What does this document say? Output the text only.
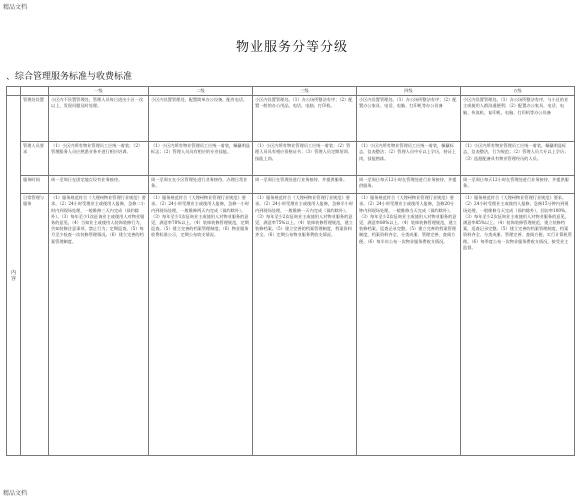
精品文档
物业服务分等分级
、综合管理服务标准与收费标准
		一级	二级	三级	四级	五级
内容	管理处设置	小区内不设置管理处，管理人员每日进出小区一次以上，发现问题及时处理。	小区内设置管理处，配置简单办公设备，配有电话。	小区内设置管理处。（1）办公场所整洁有序；（2）配置一般的办公用品，电话，电脑，打印机。	小区内设置管理处。（1）办公场所整洁有序；（2）配置办公家具、电话、电脑、打印机等办公设备	小区内设置管理处。（1）办公场所整洁有序，与小区的业主或使用人群沟通便利；（2）配置办公家具、电话、电脑、传真机、复印机、电脑、打印机等办公设备
	管理人员要求	（1）小区内所有物业管理员工应统一着装；（2）管理服务人员应熟悉业务并进行相应培训。	（1）小区内所有物业管理员工应统一着装，佩戴明显标志；（2）管理人员具有相应的专业技能。	（1）小区内所有物业管理员工应统一着装；（2）管理人员具有相应资格证书；（3）管理人员定期培训，技能上岗。	（1）小区内所有物业管理员工应统一着装，佩戴标志，仪表整洁；（2）管理人员中专以上学历，持证上岗，技能熟练。	（1）小区内所有物业管理员工应统一着装，佩戴明显标志，仪表整洁，行为规范；（2）管理人员大专以上学历；（3）选派配备具有物业管理经历的人员。
	服务时间	周一至周日在固定地点设有业务接待。	周一至周五在小区管理处进行业务接待，办理日常业务。	周一至周日在管理处进行业务接待，并提供服务。	周一至周日每天12小时在管理处进行业务接待，并提供服务。	周一至周日每天12小时在管理处进行业务接待，并提供服务。
	日常管理与服务	（1）服务规范符合《大理州物业管理行业规范》要求。（2）24小时受理业主或使用人报修，急修二小时内到现场处理，一般维修三天内完成（预约除外）。（3）每年至少1次征询业主或使用人对物业服务的意见。（4）当知业主或使用人装饰装修行为，告知装修注意事项，禁止行为；定期巡查。（5）每月至少检查一次装修管理情况。（6）建立完善的档案管理制度。	（1）服务规范符合《大理州物业管理行业规范》要求。（2）24小时受理业主或使用人报修，急修一小时内到现场处理，一般维修两天内完成（预约除外）。（3）每年至少1次征询业主或使用人对物业服务的意见，满意率70%以上。（4）装饰装修管理规范，定期巡查。（5）建立完善的档案管理制度。（6）物业服务收费标准公示，定期公布收支情况。	（1）服务规范符合《大理州物业管理行业规范》要求。（2）24小时受理业主或使用人报修，急修半小时内到现场处理，一般维修一天内完成（预约除外）。（3）每年至少2次征询业主或使用人对物业服务的意见，满意率75%以上。（4）装饰装修管理规范，建立装修档案。（5）建立完善的档案管理制度，档案资料齐全。（6）定期公布物业服务费收支情况。	（1）服务规范符合《大理州物业管理行业规范》要求。（2）24小时受理业主或使用人报修，急修20分钟内到现场处理，一般维修当天完成（预约除外）。（3）每年至少2次征询业主或使用人对物业服务的意见，满意率80%以上。（4）装饰装修管理规范，建立装修档案，巡查记录完整。（5）建立完善的档案管理制度，档案资料齐全、分类成册、管理完善、查阅方便。（6）每半年公布一次物业服务费收支情况。	（1）服务规范符合《大理州物业管理行业规范》要求。（2）24小时受理业主或使用人报修，急修15分钟内到现场处理，一般维修当天完成（预约除外），回访率100%。（3）每年至少2次征询业主或使用人对物业服务的意见，满意率85%以上。（4）装饰装修管理规范，建立装修档案，巡查记录完整。（5）建立完善的档案管理制度，档案资料齐全、分类成册、管理完善、查阅方便，实行计算机管理。（6）每季度公布一次物业服务费收支情况，接受业主监督。
精品文档
